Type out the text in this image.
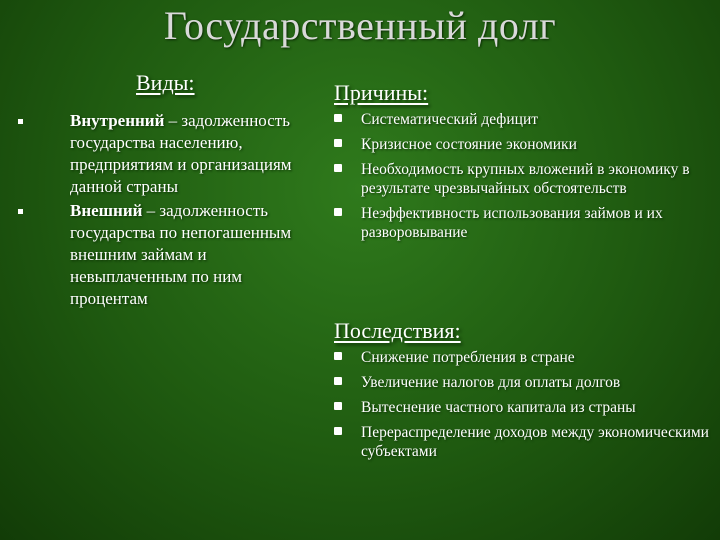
Государственный долг
Виды:
Внутренний – задолженность государства населению, предприятиям и организациям данной страны
Внешний – задолженность государства по непогашенным внешним займам и невыплаченным по ним процентам
Причины:
Систематический дефицит
Кризисное состояние экономики
Необходимость крупных вложений в экономику в результате чрезвычайных обстоятельств
Неэффективность использования займов и их разворовывание
Последствия:
Снижение потребления в стране
Увеличение налогов для оплаты долгов
Вытеснение частного капитала из страны
Перераспределение доходов между экономическими субъектами
